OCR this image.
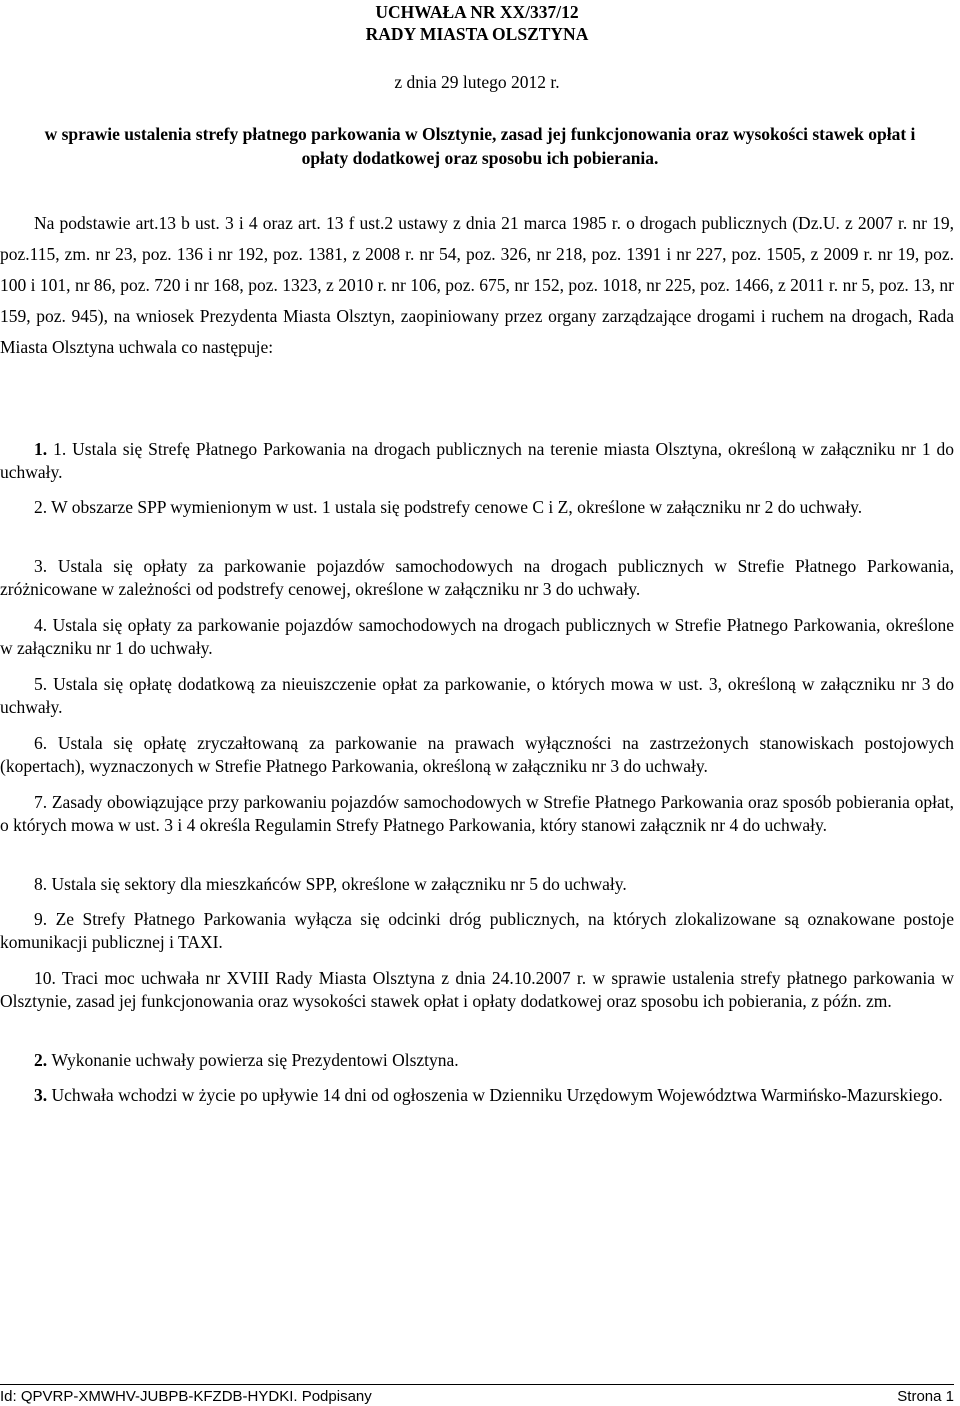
UCHWAŁA NR XX/337/12
RADY MIASTA OLSZTYNA
z dnia 29 lutego 2012 r.
w sprawie ustalenia strefy płatnego parkowania w Olsztynie, zasad jej funkcjonowania oraz wysokości stawek opłat i opłaty dodatkowej oraz sposobu ich pobierania.
Na podstawie art.13 b ust. 3 i 4 oraz art. 13 f ust.2 ustawy z dnia 21 marca 1985 r. o drogach publicznych (Dz.U. z 2007 r. nr 19, poz.115, zm. nr 23, poz. 136 i nr 192, poz. 1381, z 2008 r. nr 54, poz. 326, nr 218, poz. 1391 i nr 227, poz. 1505, z 2009 r. nr 19, poz. 100 i 101, nr 86, poz. 720 i nr 168, poz. 1323, z 2010 r. nr 106, poz. 675, nr 152, poz. 1018, nr 225, poz. 1466, z 2011 r. nr 5, poz. 13, nr 159, poz. 945), na wniosek Prezydenta Miasta Olsztyn, zaopiniowany przez organy zarządzające drogami i ruchem na drogach, Rada Miasta Olsztyna uchwala co następuje:
1. 1. Ustala się Strefę Płatnego Parkowania na drogach publicznych na terenie miasta Olsztyna, określoną w załączniku nr 1 do uchwały.
2. W obszarze SPP wymienionym w ust. 1 ustala się podstrefy cenowe C i Z, określone w załączniku nr 2 do uchwały.
3. Ustala się opłaty za parkowanie pojazdów samochodowych na drogach publicznych w Strefie Płatnego Parkowania, zróżnicowane w zależności od podstrefy cenowej, określone w załączniku nr 3 do uchwały.
4. Ustala się opłaty za parkowanie pojazdów samochodowych na drogach publicznych w Strefie Płatnego Parkowania, określone w załączniku nr 1 do uchwały.
5. Ustala się opłatę dodatkową za nieuiszczenie opłat za parkowanie, o których mowa w ust. 3, określoną w załączniku nr 3 do uchwały.
6. Ustala się opłatę zryczałtowaną za parkowanie na prawach wyłączności na zastrzeżonych stanowiskach postojowych (kopertach), wyznaczonych w Strefie Płatnego Parkowania, określoną w załączniku nr 3 do uchwały.
7. Zasady obowiązujące przy parkowaniu pojazdów samochodowych w Strefie Płatnego Parkowania oraz sposób pobierania opłat, o których mowa w ust. 3 i 4 określa Regulamin Strefy Płatnego Parkowania, który stanowi załącznik nr 4 do uchwały.
8. Ustala się sektory dla mieszkańców SPP, określone w załączniku nr 5 do uchwały.
9. Ze Strefy Płatnego Parkowania wyłącza się odcinki dróg publicznych, na których zlokalizowane są oznakowane postoje komunikacji publicznej i TAXI.
10. Traci moc uchwała nr XVIII Rady Miasta Olsztyna z dnia 24.10.2007 r. w sprawie ustalenia strefy płatnego parkowania w Olsztynie, zasad jej funkcjonowania oraz wysokości stawek opłat i opłaty dodatkowej oraz sposobu ich pobierania, z późn. zm.
2. Wykonanie uchwały powierza się Prezydentowi Olsztyna.
3. Uchwała wchodzi w życie po upływie 14 dni od ogłoszenia w Dzienniku Urzędowym Województwa Warmińsko-Mazurskiego.
Id: QPVRP-XMWHV-JUBPB-KFZDB-HYDKI. Podpisany	Strona 1
